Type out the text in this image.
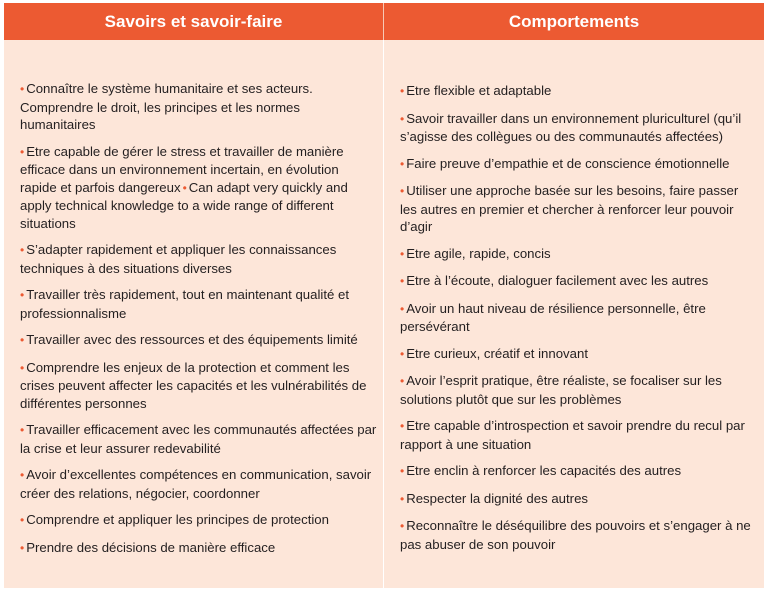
Savoirs et savoir-faire	Comportements
• Connaître le système humanitaire et ses acteurs. Comprendre le droit, les principes et les normes humanitaires
• Etre capable de gérer le stress et travailler de manière efficace dans un environnement incertain, en évolution rapide et parfois dangereux • Can adapt very quickly and apply technical knowledge to a wide range of different situations
• S’adapter rapidement et appliquer les connaissances techniques à des situations diverses
• Travailler très rapidement, tout en maintenant qualité et professionnalisme
• Travailler avec des ressources et des équipements limité
• Comprendre les enjeux de la protection et comment les crises peuvent affecter les capacités et les vulnérabilités de différentes personnes
• Travailler efficacement avec les communautés affectées par la crise et leur assurer redevabilité
• Avoir d’excellentes compétences en communication, savoir créer des relations, négocier, coordonner
• Comprendre et appliquer les principes de protection
• Prendre des décisions de manière efficace
• Etre flexible et adaptable
• Savoir travailler dans un environnement pluriculturel (qu’il s’agisse des collègues ou des communautés affectées)
• Faire preuve d’empathie et de conscience émotionnelle
• Utiliser une approche basée sur les besoins, faire passer les autres en premier et chercher à renforcer leur pouvoir d’agir
• Etre agile, rapide, concis
• Etre à l’écoute, dialoguer facilement avec les autres
• Avoir un haut niveau de résilience personnelle, être persévérant
• Etre curieux, créatif et innovant
• Avoir l’esprit pratique, être réaliste, se focaliser sur les solutions plutôt que sur les problèmes
• Etre capable d’introspection et savoir prendre du recul par rapport à une situation
• Etre enclin à renforcer les capacités des autres
• Respecter la dignité des autres
• Reconnaître le déséquilibre des pouvoirs et s’engager à ne pas abuser de son pouvoir
